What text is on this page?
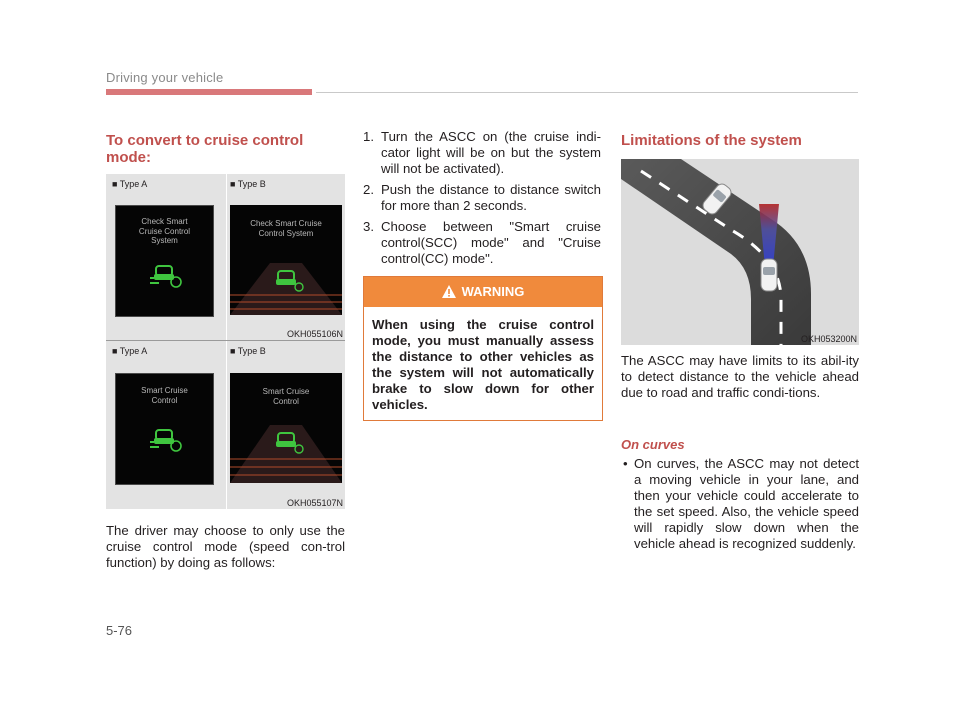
Driving your vehicle
To convert to cruise control mode:
■ Type A	■ Type B
Check Smart
Cruise Control
System
Check Smart Cruise
Control System
OKH055106N
■ Type A	■ Type B
Smart Cruise
Control
Smart Cruise
Control
OKH055107N
The driver may choose to only use the cruise control mode (speed con-trol function) by doing as follows:
1. Turn the ASCC on (the cruise indi-cator light will be on but the system will not be activated).
2. Push the distance to distance switch for more than 2 seconds.
3. Choose between "Smart cruise control(SCC) mode" and "Cruise control(CC) mode".
WARNING
When using the cruise control mode, you must manually assess the distance to other vehicles as the system will not automatically brake to slow down for other vehicles.
Limitations of the system
OKH053200N
The ASCC may have limits to its abil-ity to detect distance to the vehicle ahead due to road and traffic condi-tions.
On curves
• On curves, the ASCC may not detect a moving vehicle in your lane, and then your vehicle could accelerate to the set speed. Also, the vehicle speed will rapidly slow down when the vehicle ahead is recognized suddenly.
5-76
